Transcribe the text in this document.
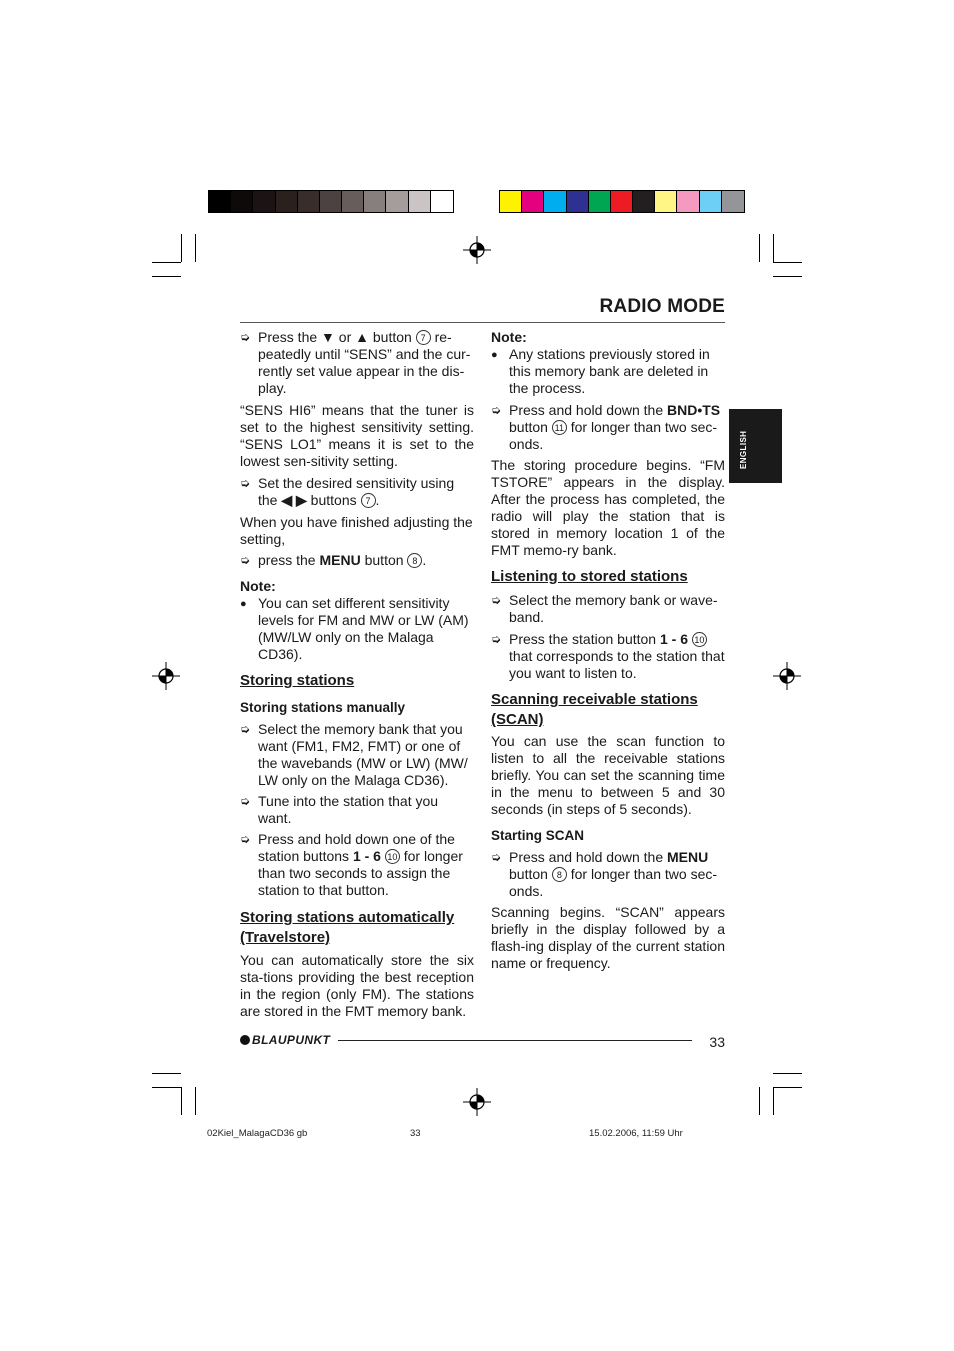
RADIO MODE
ENGLISH

➭ Press the ▼ or ▲ button 7 re-peatedly until “SENS” and the cur-rently set value appear in the dis-play.

“SENS HI6” means that the tuner is set to the highest sensitivity setting. “SENS LO1” means it is set to the lowest sen-sitivity setting.

➭ Set the desired sensitivity using the ◀ ▶ buttons 7 .

When you have finished adjusting the setting,

➭ press the MENU button 8 .

Note:

● You can set different sensitivity levels for FM and MW or LW (AM) (MW/LW only on the Malaga CD36).

Storing stations

Storing stations manually

➭ Select the memory bank that you want (FM1, FM2, FMT) or one of the wavebands (MW or LW) (MW/ LW only on the Malaga CD36).

➭ Tune into the station that you want.

➭ Press and hold down one of the station buttons 1 - 6 10 for longer than two seconds to assign the station to that button.

Storing stations automatically (Travelstore)

You can automatically store the six sta-tions providing the best reception in the region (only FM). The stations are stored in the FMT memory bank.

Note:

● Any stations previously stored in this memory bank are deleted in the process.

➭ Press and hold down the BND•TS button 11 for longer than two sec-onds.

The storing procedure begins. “FM TSTORE” appears in the display. After the process has completed, the radio will play the station that is stored in memory location 1 of the FMT memo-ry bank.

Listening to stored stations

➭ Select the memory bank or wave-band.

➭ Press the station button 1 - 6 10 that corresponds to the station that you want to listen to.

Scanning receivable stations (SCAN)

You can use the scan function to listen to all the receivable stations briefly. You can set the scanning time in the menu to between 5 and 30 seconds (in steps of 5 seconds).

Starting SCAN

➭ Press and hold down the MENU button 8 for longer than two sec-onds.

Scanning begins. “SCAN” appears briefly in the display followed by a flash-ing display of the current station name or frequency.

BLAUPUNKT	33
02Kiel_MalagaCD36 gb	33	15.02.2006, 11:59 Uhr
